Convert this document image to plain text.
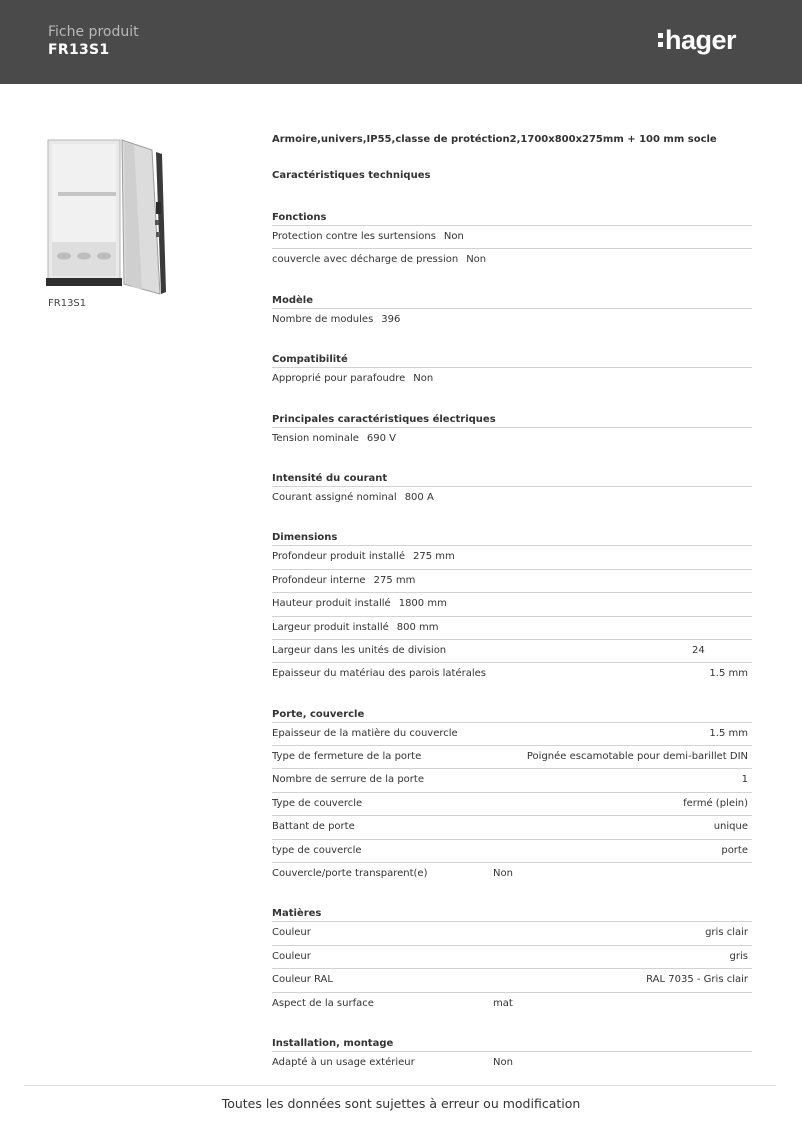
Fiche produit
FR13S1	hager
FR13S1
Armoire,univers,IP55,classe de protéction2,1700x800x275mm + 100 mm socle
Caractéristiques techniques
Fonctions
Protection contre les surtensions Non
couvercle avec décharge de pression Non
Modèle
Nombre de modules 396
Compatibilité
Approprié pour parafoudre Non
Principales caractéristiques électriques
Tension nominale 690 V
Intensité du courant
Courant assigné nominal 800 A
Dimensions
Profondeur produit installé 275 mm
Profondeur interne 275 mm
Hauteur produit installé 1800 mm
Largeur produit installé 800 mm
Largeur dans les unités de division	24
Epaisseur du matériau des parois latérales	1.5 mm
Porte, couvercle
Epaisseur de la matière du couvercle	1.5 mm
Type de fermeture de la porte	Poignée escamotable pour demi-barillet DIN
Nombre de serrure de la porte	1
Type de couvercle	fermé (plein)
Battant de porte	unique
type de couvercle	porte
Couvercle/porte transparent(e)	Non
Matières
Couleur	gris clair
Couleur	gris
Couleur RAL	RAL 7035 - Gris clair
Aspect de la surface	mat
Installation, montage
Adapté à un usage extérieur	Non
Toutes les données sont sujettes à erreur ou modification
